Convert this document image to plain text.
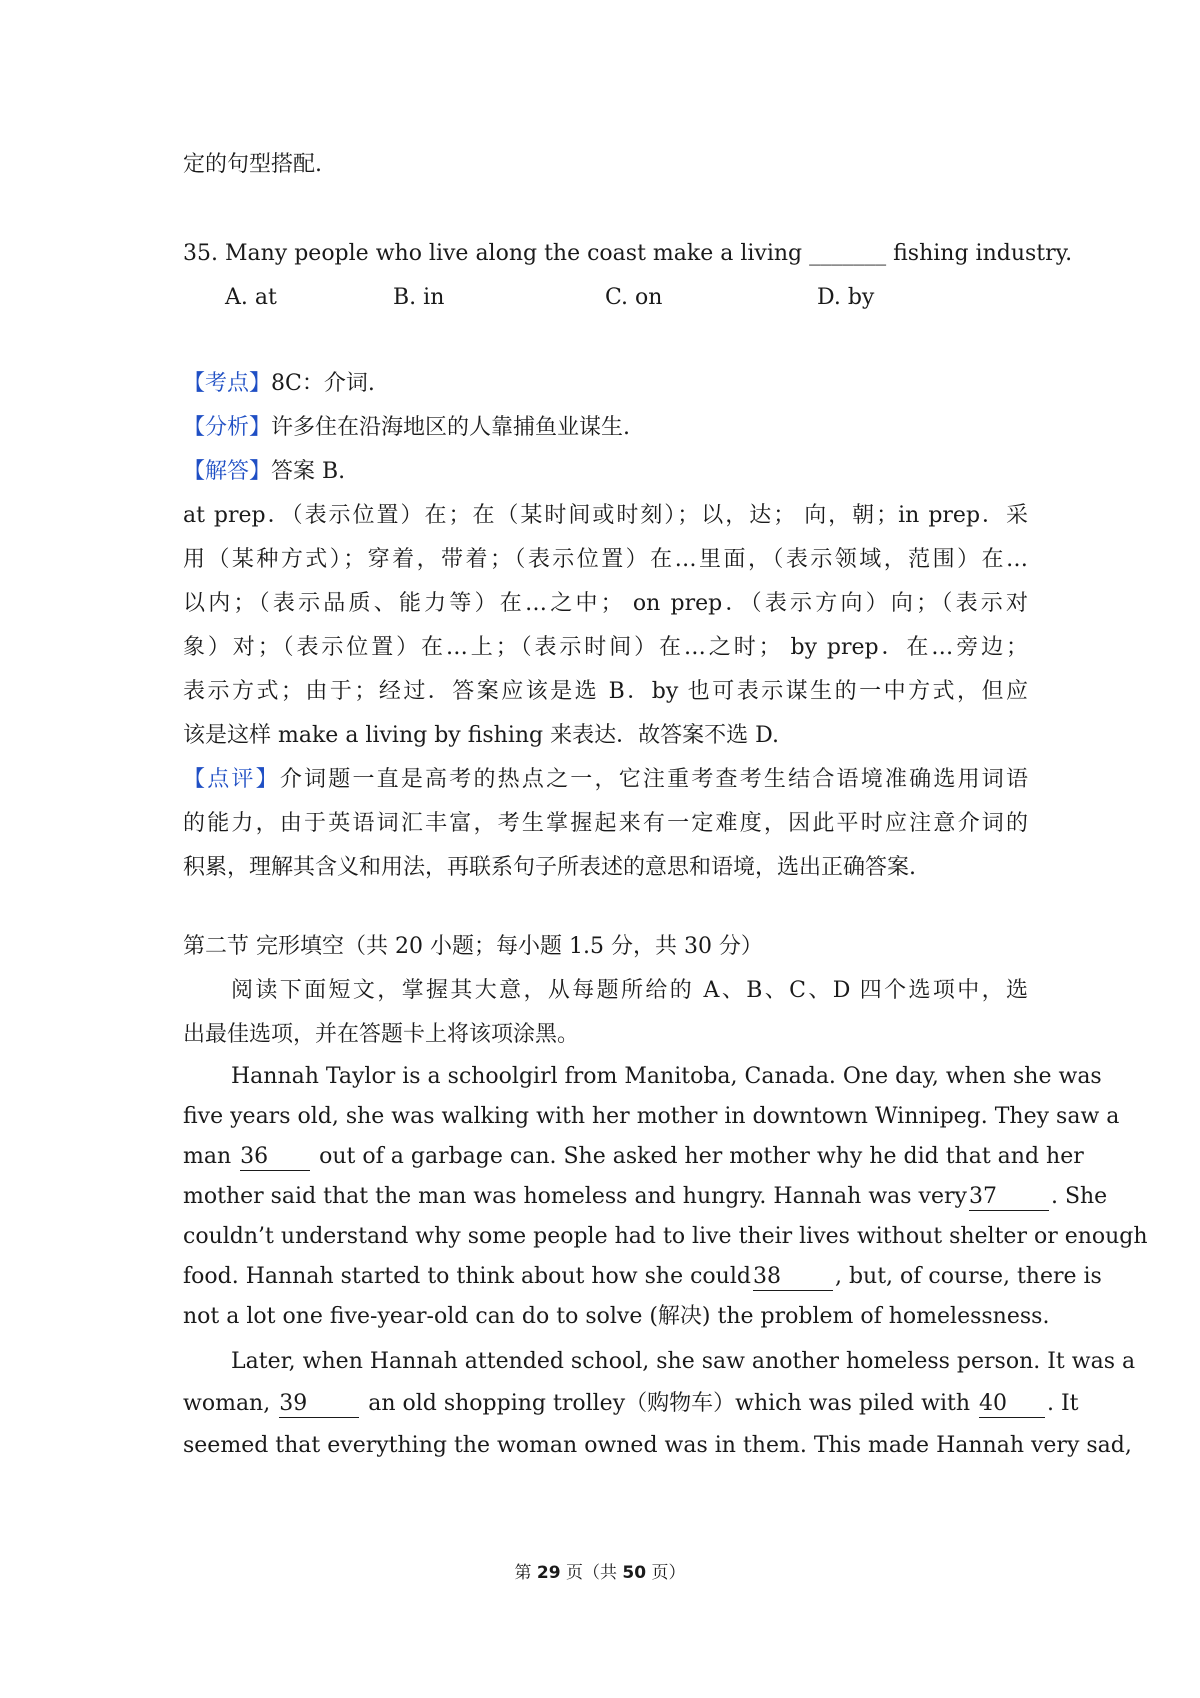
定的句型搭配.

35. Many people who live along the coast make a living _______ fishing industry.

A. at	B. in	C. on	D. by

【考点】8C：介词.

【分析】许多住在沿海地区的人靠捕鱼业谋生.

【解答】答案 B.

at prep．（表示位置）在；在（某时间或时刻）；以，达； 向，朝；in prep．采

用（某种方式）；穿着，带着；（表示位置）在…里面，（表示领域，范围）在…

以内；（表示品质、能力等）在…之中； on prep．（表示方向）向；（表示对

象）对；（表示位置）在…上；（表示时间）在…之时； by prep．在…旁边；

表示方式；由于；经过．答案应该是选 B．by 也可表示谋生的一中方式，但应

该是这样 make a living by fishing 来表达．故答案不选 D.

【点评】介词题一直是高考的热点之一，它注重考查考生结合语境准确选用词语

的能力，由于英语词汇丰富，考生掌握起来有一定难度，因此平时应注意介词的

积累，理解其含义和用法，再联系句子所表述的意思和语境，选出正确答案.

第二节 完形填空（共 20 小题；每小题 1.5 分，共 30 分）

阅读下面短文，掌握其大意，从每题所给的 A、B、C、D 四个选项中，选

出最佳选项，并在答题卡上将该项涂黑。

Hannah Taylor is a schoolgirl from Manitoba, Canada. One day, when she was

five years old, she was walking with her mother in downtown Winnipeg. They saw a

man 36 out of a garbage can. She asked her mother why he did that and her

mother said that the man was homeless and hungry. Hannah was very37 . She

couldn’t understand why some people had to live their lives without shelter or enough

food. Hannah started to think about how she could38 , but, of course, there is

not a lot one five-year-old can do to solve (解决) the problem of homelessness.

Later, when Hannah attended school, she saw another homeless person. It was a

woman, 39 an old shopping trolley（购物车）which was piled with 40 . It

seemed that everything the woman owned was in them. This made Hannah very sad,

第 29 页（共 50 页）
